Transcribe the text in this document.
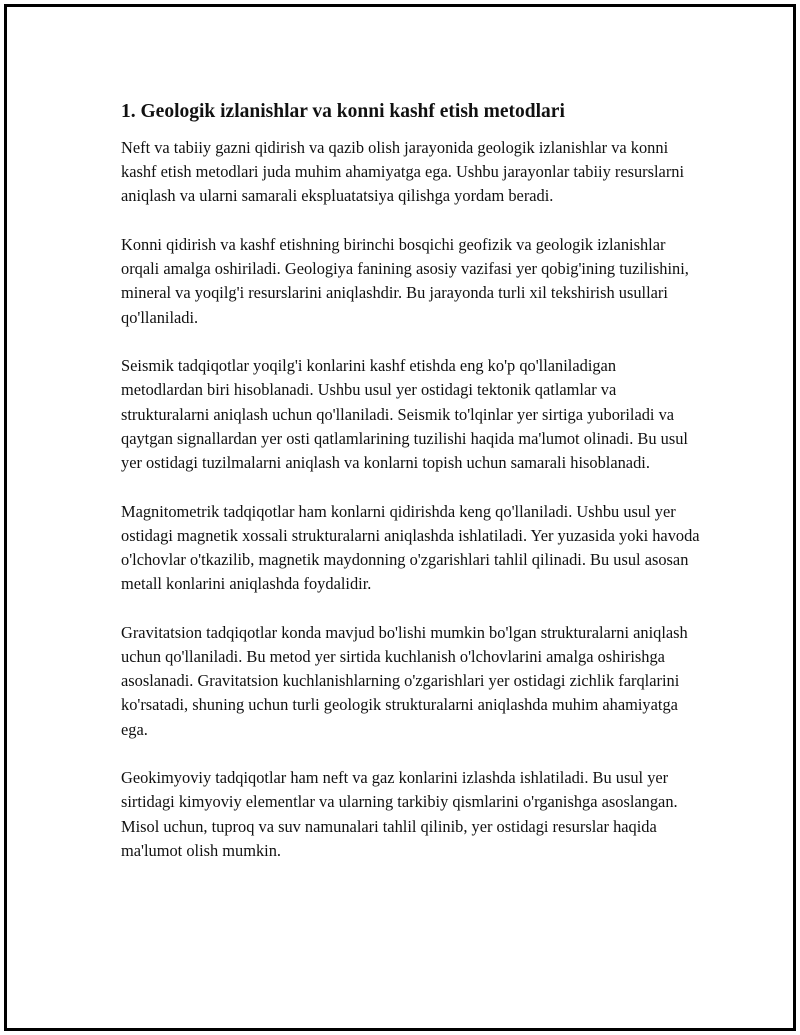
1. Geologik izlanishlar va konni kashf etish metodlari

Neft va tabiiy gazni qidirish va qazib olish jarayonida geologik izlanishlar va konni kashf etish metodlari juda muhim ahamiyatga ega. Ushbu jarayonlar tabiiy resurslarni aniqlash va ularni samarali ekspluatatsiya qilishga yordam beradi.

Konni qidirish va kashf etishning birinchi bosqichi geofizik va geologik izlanishlar orqali amalga oshiriladi. Geologiya fanining asosiy vazifasi yer qobig'ining tuzilishini, mineral va yoqilg'i resurslarini aniqlashdir. Bu jarayonda turli xil tekshirish usullari qo'llaniladi.

Seismik tadqiqotlar yoqilg'i konlarini kashf etishda eng ko'p qo'llaniladigan metodlardan biri hisoblanadi. Ushbu usul yer ostidagi tektonik qatlamlar va strukturalarni aniqlash uchun qo'llaniladi. Seismik to'lqinlar yer sirtiga yuboriladi va qaytgan signallardan yer osti qatlamlarining tuzilishi haqida ma'lumot olinadi. Bu usul yer ostidagi tuzilmalarni aniqlash va konlarni topish uchun samarali hisoblanadi.

Magnitometrik tadqiqotlar ham konlarni qidirishda keng qo'llaniladi. Ushbu usul yer ostidagi magnetik xossali strukturalarni aniqlashda ishlatiladi. Yer yuzasida yoki havoda o'lchovlar o'tkazilib, magnetik maydonning o'zgarishlari tahlil qilinadi. Bu usul asosan metall konlarini aniqlashda foydalidir.

Gravitatsion tadqiqotlar konda mavjud bo'lishi mumkin bo'lgan strukturalarni aniqlash uchun qo'llaniladi. Bu metod yer sirtida kuchlanish o'lchovlarini amalga oshirishga asoslanadi. Gravitatsion kuchlanishlarning o'zgarishlari yer ostidagi zichlik farqlarini ko'rsatadi, shuning uchun turli geologik strukturalarni aniqlashda muhim ahamiyatga ega.

Geokimyoviy tadqiqotlar ham neft va gaz konlarini izlashda ishlatiladi. Bu usul yer sirtidagi kimyoviy elementlar va ularning tarkibiy qismlarini o'rganishga asoslangan. Misol uchun, tuproq va suv namunalari tahlil qilinib, yer ostidagi resurslar haqida ma'lumot olish mumkin.
